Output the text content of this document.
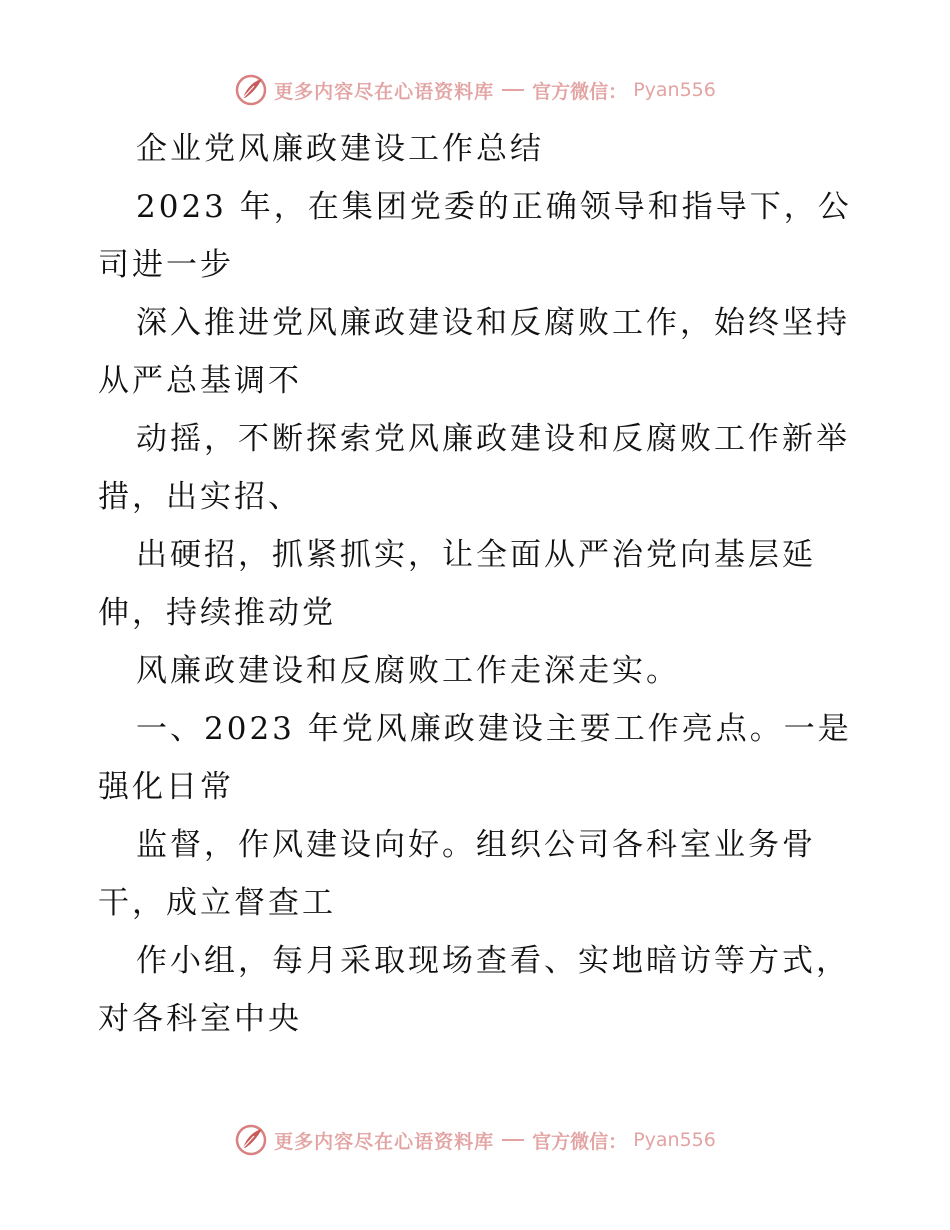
更多内容尽在心语资料库 官方微信： Pyan556
企业党风廉政建设工作总结
2023 年，在集团党委的正确领导和指导下，公
司进一步
深入推进党风廉政建设和反腐败工作，始终坚持
从严总基调不
动摇，不断探索党风廉政建设和反腐败工作新举
措，出实招、
出硬招，抓紧抓实，让全面从严治党向基层延
伸，持续推动党
风廉政建设和反腐败工作走深走实。
一、2023 年党风廉政建设主要工作亮点。一是
强化日常
监督，作风建设向好。组织公司各科室业务骨
干，成立督查工
作小组，每月采取现场查看、实地暗访等方式，
对各科室中央
更多内容尽在心语资料库 官方微信： Pyan556
